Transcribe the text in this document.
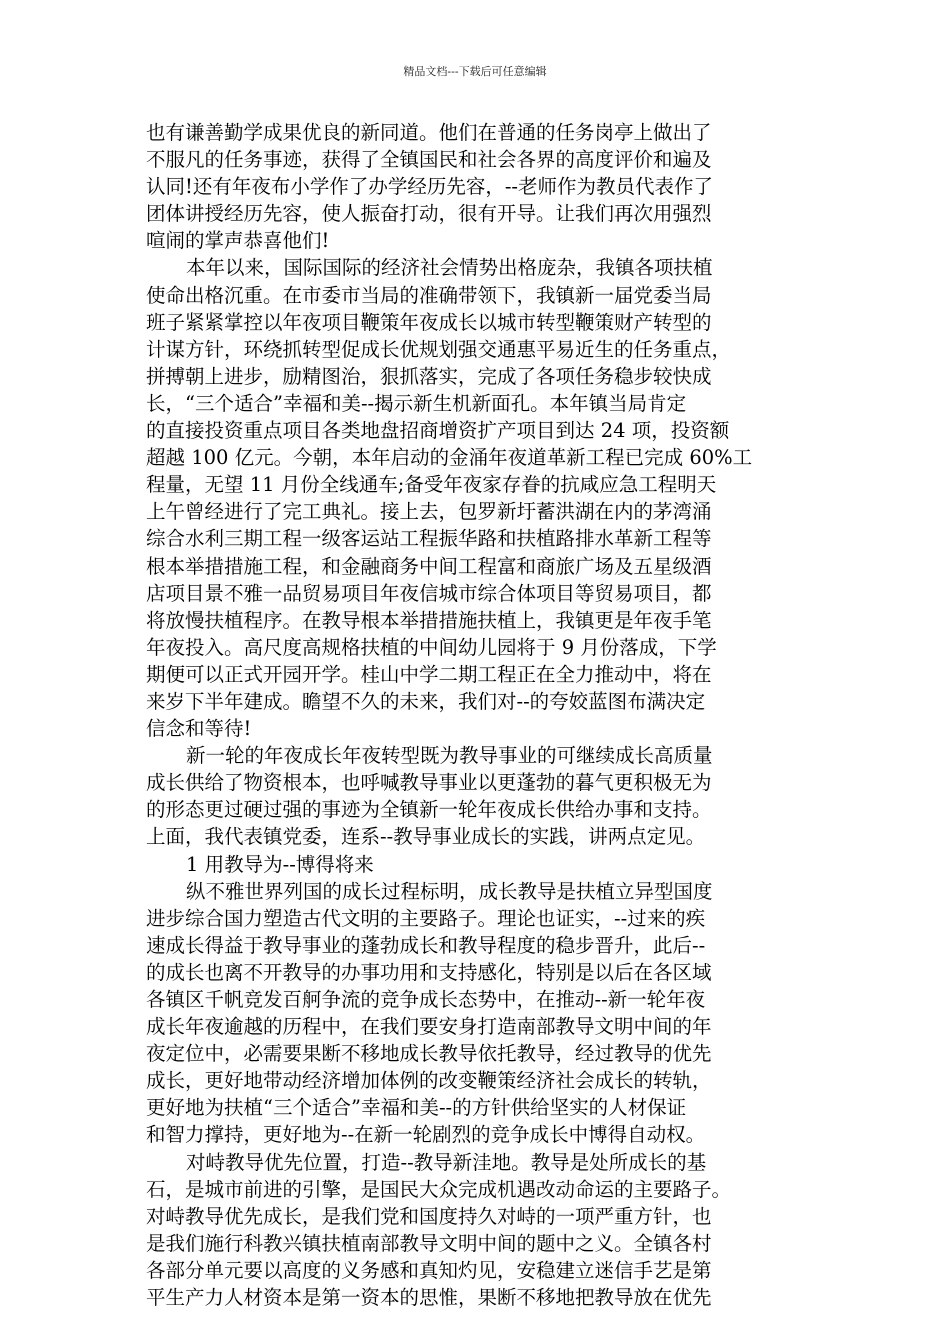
精品文档---下载后可任意编辑
也有谦善勤学成果优良的新同道。他们在普通的任务岗亭上做出了
不服凡的任务事迹，获得了全镇国民和社会各界的高度评价和遍及
认同!还有年夜布小学作了办学经历先容，--老师作为教员代表作了
团体讲授经历先容，使人振奋打动，很有开导。让我们再次用强烈
喧闹的掌声恭喜他们!
本年以来，国际国际的经济社会情势出格庞杂，我镇各项扶植
使命出格沉重。在市委市当局的准确带领下，我镇新一届党委当局
班子紧紧掌控以年夜项目鞭策年夜成长以城市转型鞭策财产转型的
计谋方针，环绕抓转型促成长优规划强交通惠平易近生的任务重点，
拼搏朝上进步，励精图治，狠抓落实，完成了各项任务稳步较快成
长，“三个适合”幸福和美--揭示新生机新面孔。本年镇当局肯定
的直接投资重点项目各类地盘招商增资扩产项目到达 24 项，投资额
超越 100 亿元。今朝，本年启动的金涌年夜道革新工程已完成 60%工
程量，无望 11 月份全线通车;备受年夜家存眷的抗咸应急工程明天
上午曾经进行了完工典礼。接上去，包罗新圩蓄洪湖在内的茅湾涌
综合水利三期工程一级客运站工程振华路和扶植路排水革新工程等
根本举措措施工程，和金融商务中间工程富和商旅广场及五星级酒
店项目景不雅一品贸易项目年夜信城市综合体项目等贸易项目，都
将放慢扶植程序。在教导根本举措措施扶植上，我镇更是年夜手笔
年夜投入。高尺度高规格扶植的中间幼儿园将于 9 月份落成，下学
期便可以正式开园开学。桂山中学二期工程正在全力推动中，将在
来岁下半年建成。瞻望不久的未来，我们对--的夸姣蓝图布满决定
信念和等待!
新一轮的年夜成长年夜转型既为教导事业的可继续成长高质量
成长供给了物资根本，也呼喊教导事业以更蓬勃的暮气更积极无为
的形态更过硬过强的事迹为全镇新一轮年夜成长供给办事和支持。
上面，我代表镇党委，连系--教导事业成长的实践，讲两点定见。
1 用教导为--博得将来
纵不雅世界列国的成长过程标明，成长教导是扶植立异型国度
进步综合国力塑造古代文明的主要路子。理论也证实，--过来的疾
速成长得益于教导事业的蓬勃成长和教导程度的稳步晋升，此后--
的成长也离不开教导的办事功用和支持感化，特别是以后在各区域
各镇区千帆竞发百舸争流的竞争成长态势中，在推动--新一轮年夜
成长年夜逾越的历程中，在我们要安身打造南部教导文明中间的年
夜定位中，必需要果断不移地成长教导依托教导，经过教导的优先
成长，更好地带动经济增加体例的改变鞭策经济社会成长的转轨，
更好地为扶植“三个适合”幸福和美--的方针供给坚实的人材保证
和智力撑持，更好地为--在新一轮剧烈的竞争成长中博得自动权。
对峙教导优先位置，打造--教导新洼地。教导是处所成长的基
石，是城市前进的引擎，是国民大众完成机遇改动命运的主要路子。
对峙教导优先成长，是我们党和国度持久对峙的一项严重方针，也
是我们施行科教兴镇扶植南部教导文明中间的题中之义。全镇各村
各部分单元要以高度的义务感和真知灼见，安稳建立迷信手艺是第
平生产力人材资本是第一资本的思惟，果断不移地把教导放在优先
